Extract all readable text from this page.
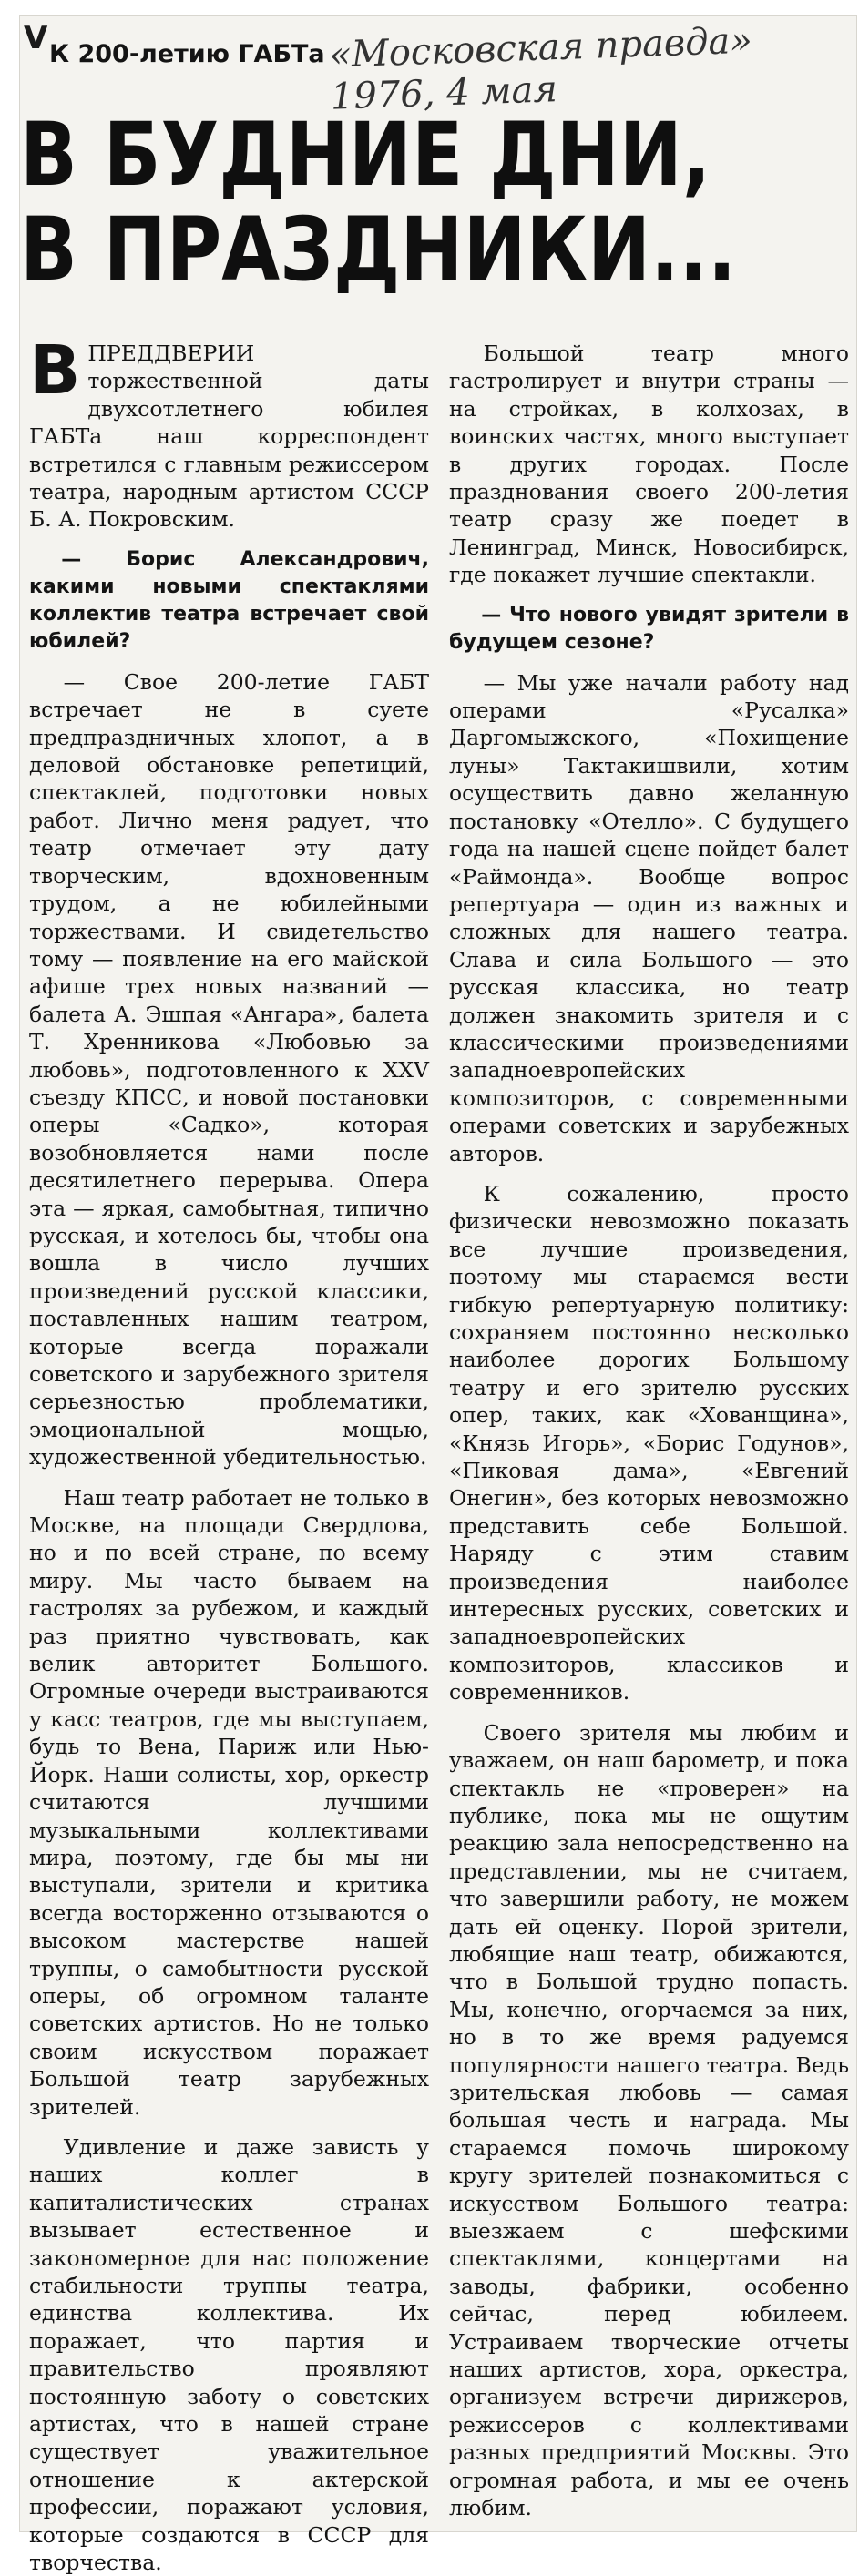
V К 200-летию ГАБТа «Московская правда» 1976, 4 мая
В БУДНИЕ ДНИ,
В ПРАЗДНИКИ...

ВПРЕДДВЕРИИ торжественной даты двухсотлетнего юбилея ГАБТа наш корреспондент встретился с главным режиссером театра, народным артистом СССР Б. А. Покровским.

— Борис Александрович, какими новыми спектаклями коллектив театра встречает свой юбилей?

— Свое 200-летие ГАБТ встречает не в суете предпраздничных хлопот, а в деловой обстановке репетиций, спектаклей, подготовки новых работ. Лично меня радует, что театр отмечает эту дату творческим, вдохновенным трудом, а не юбилейными торжествами. И свидетельство тому — появление на его майской афише трех новых названий — балета А. Эшпая «Ангара», балета Т. Хренникова «Любовью за любовь», подготовленного к XXV съезду КПСС, и новой постановки оперы «Садко», которая возобновляется нами после десятилетнего перерыва. Опера эта — яркая, самобытная, типично русская, и хотелось бы, чтобы она вошла в число лучших произведений русской классики, поставленных нашим театром, которые всегда поражали советского и зарубежного зрителя серьезностью проблематики, эмоциональной мощью, художественной убедительностью.

Наш театр работает не только в Москве, на площади Свердлова, но и по всей стране, по всему миру. Мы часто бываем на гастролях за рубежом, и каждый раз приятно чувствовать, как велик авторитет Большого. Огромные очереди выстраиваются у касс театров, где мы выступаем, будь то Вена, Париж или Нью-Йорк. Наши солисты, хор, оркестр считаются лучшими музыкальными коллективами мира, поэтому, где бы мы ни выступали, зрители и критика всегда восторженно отзываются о высоком мастерстве нашей труппы, о самобытности русской оперы, об огромном таланте советских артистов. Но не только своим искусством поражает Большой театр зарубежных зрителей.

Удивление и даже зависть у наших коллег в капиталистических странах вызывает естественное и закономерное для нас положение стабильности труппы театра, единства коллектива. Их поражает, что партия и правительство проявляют постоянную заботу о советских артистах, что в нашей стране существует уважительное отношение к актерской профессии, поражают условия, которые создаются в СССР для творчества.

Большой театр много гастролирует и внутри страны — на стройках, в колхозах, в воинских частях, много выступает в других городах. После празднования своего 200-летия театр сразу же поедет в Ленинград, Минск, Новосибирск, где покажет лучшие спектакли.

— Что нового увидят зрители в будущем сезоне?

— Мы уже начали работу над операми «Русалка» Даргомыжского, «Похищение луны» Тактакишвили, хотим осуществить давно желанную постановку «Отелло». С будущего года на нашей сцене пойдет балет «Раймонда». Вообще вопрос репертуара — один из важных и сложных для нашего театра. Слава и сила Большого — это русская классика, но театр должен знакомить зрителя и с классическими произведениями западноевропейских композиторов, с современными операми советских и зарубежных авторов.

К сожалению, просто физически невозможно показать все лучшие произведения, поэтому мы стараемся вести гибкую репертуарную политику: сохраняем постоянно несколько наиболее дорогих Большому театру и его зрителю русских опер, таких, как «Хованщина», «Князь Игорь», «Борис Годунов», «Пиковая дама», «Евгений Онегин», без которых невозможно представить себе Большой. Наряду с этим ставим произведения наиболее интересных русских, советских и западноевропейских композиторов, классиков и современников.

Своего зрителя мы любим и уважаем, он наш барометр, и пока спектакль не «проверен» на публике, пока мы не ощутим реакцию зала непосредственно на представлении, мы не считаем, что завершили работу, не можем дать ей оценку. Порой зрители, любящие наш театр, обижаются, что в Большой трудно попасть. Мы, конечно, огорчаемся за них, но в то же время радуемся популярности нашего театра. Ведь зрительская любовь — самая большая честь и награда. Мы стараемся помочь широкому кругу зрителей познакомиться с искусством Большого театра: выезжаем с шефскими спектаклями, концертами на заводы, фабрики, особенно сейчас, перед юбилеем. Устраиваем творческие отчеты наших артистов, хора, оркестра, организуем встречи дирижеров, режиссеров с коллективами разных предприятий Москвы. Это огромная работа, и мы ее очень любим.
